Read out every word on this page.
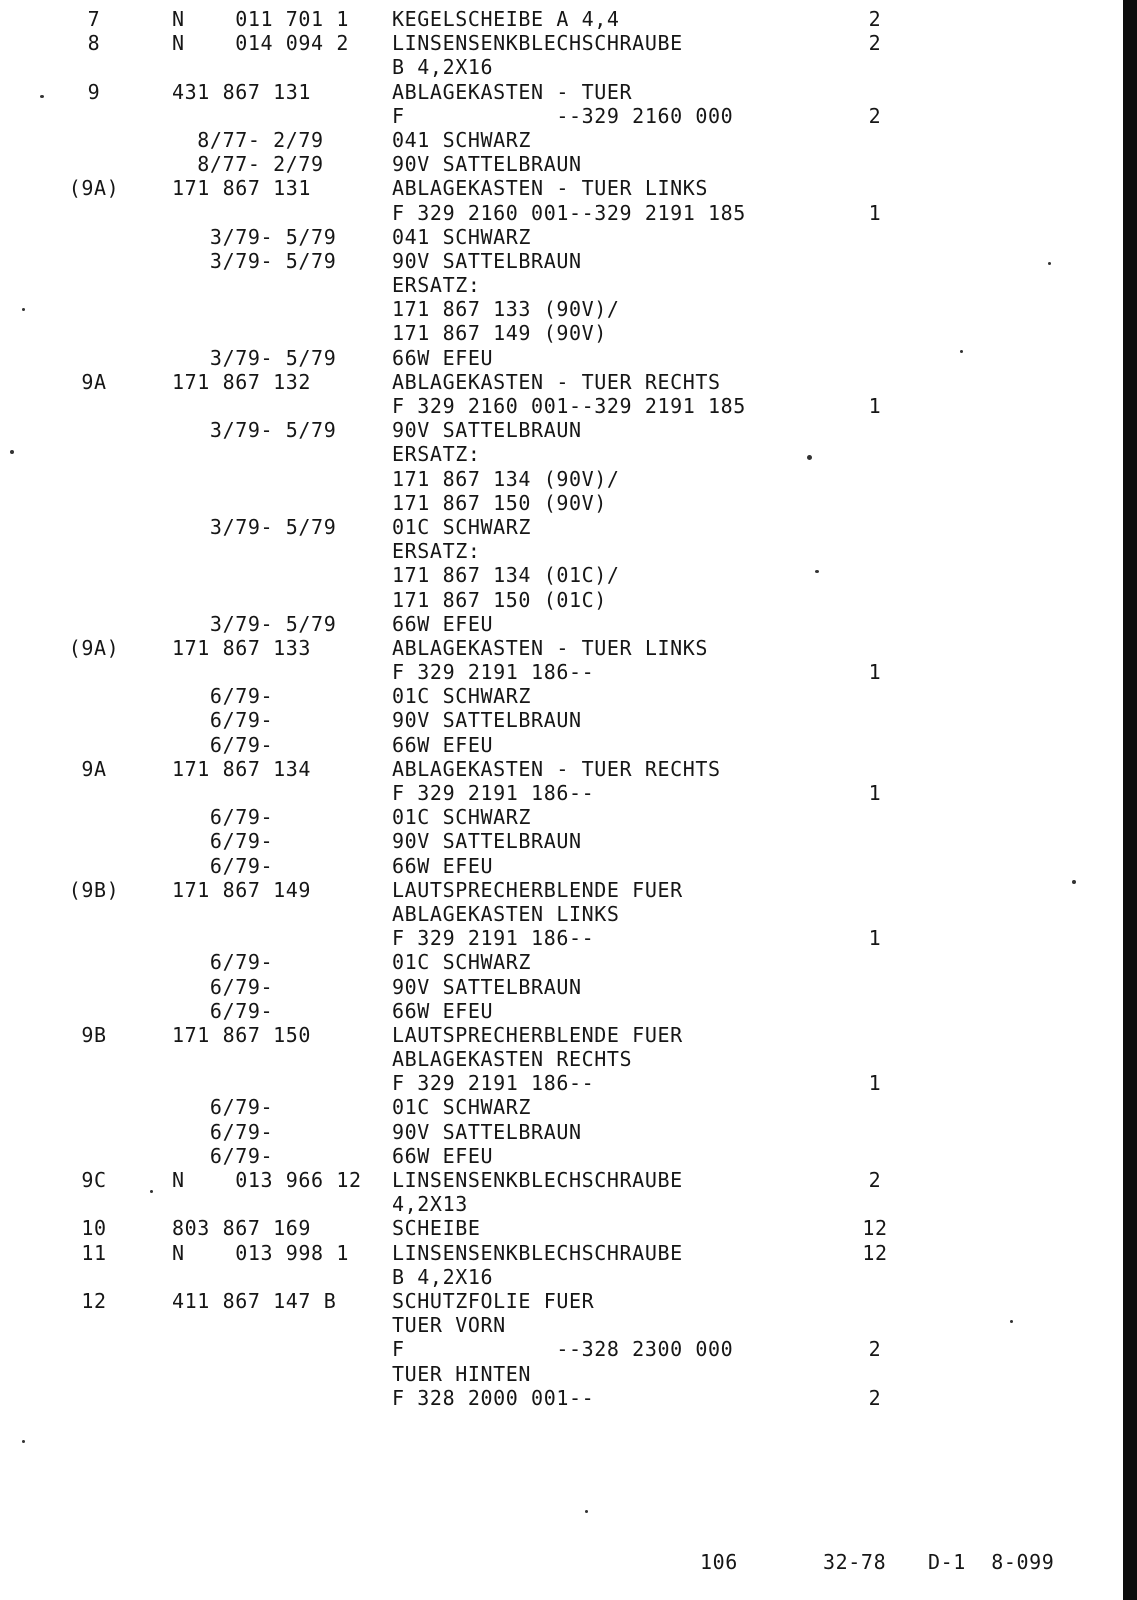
7	N    011 701 1 KEGELSCHEIBE A 4,4	2
8	N    014 094 2 LINSENSENKBLECHSCHRAUBE	2
B 4,2X16
9	431 867 131	ABLAGEKASTEN - TUER
F            --329 2160 000	2
8/77- 2/79	041 SCHWARZ
8/77- 2/79	90V SATTELBRAUN
(9A)	171 867 131	ABLAGEKASTEN - TUER LINKS
F 329 2160 001--329 2191 185	1
3/79- 5/79	041 SCHWARZ
3/79- 5/79	90V SATTELBRAUN
ERSATZ:
171 867 133 (90V)/
171 867 149 (90V)
3/79- 5/79	66W EFEU
9A	171 867 132	ABLAGEKASTEN - TUER RECHTS
F 329 2160 001--329 2191 185	1
3/79- 5/79	90V SATTELBRAUN
ERSATZ:
171 867 134 (90V)/
171 867 150 (90V)
3/79- 5/79	01C SCHWARZ
ERSATZ:
171 867 134 (01C)/
171 867 150 (01C)
3/79- 5/79	66W EFEU
(9A)	171 867 133	ABLAGEKASTEN - TUER LINKS
F 329 2191 186--	1
6/79-	01C SCHWARZ
6/79-	90V SATTELBRAUN
6/79-	66W EFEU
9A	171 867 134	ABLAGEKASTEN - TUER RECHTS
F 329 2191 186--	1
6/79-	01C SCHWARZ
6/79-	90V SATTELBRAUN
6/79-	66W EFEU
(9B)	171 867 149	LAUTSPRECHERBLENDE FUER
ABLAGEKASTEN LINKS
F 329 2191 186--	1
6/79-	01C SCHWARZ
6/79-	90V SATTELBRAUN
6/79-	66W EFEU
9B	171 867 150	LAUTSPRECHERBLENDE FUER
ABLAGEKASTEN RECHTS
F 329 2191 186--	1
6/79-	01C SCHWARZ
6/79-	90V SATTELBRAUN
6/79-	66W EFEU
9C	N    013 966 12 LINSENSENKBLECHSCHRAUBE	2
4,2X13
10	803 867 169	SCHEIBE	12
11	N    013 998 1 LINSENSENKBLECHSCHRAUBE	12
B 4,2X16
12	411 867 147 B	SCHUTZFOLIE FUER
TUER VORN
F            --328 2300 000	2
TUER HINTEN
F 328 2000 001--	2
106	32-78 D-1  8-099
